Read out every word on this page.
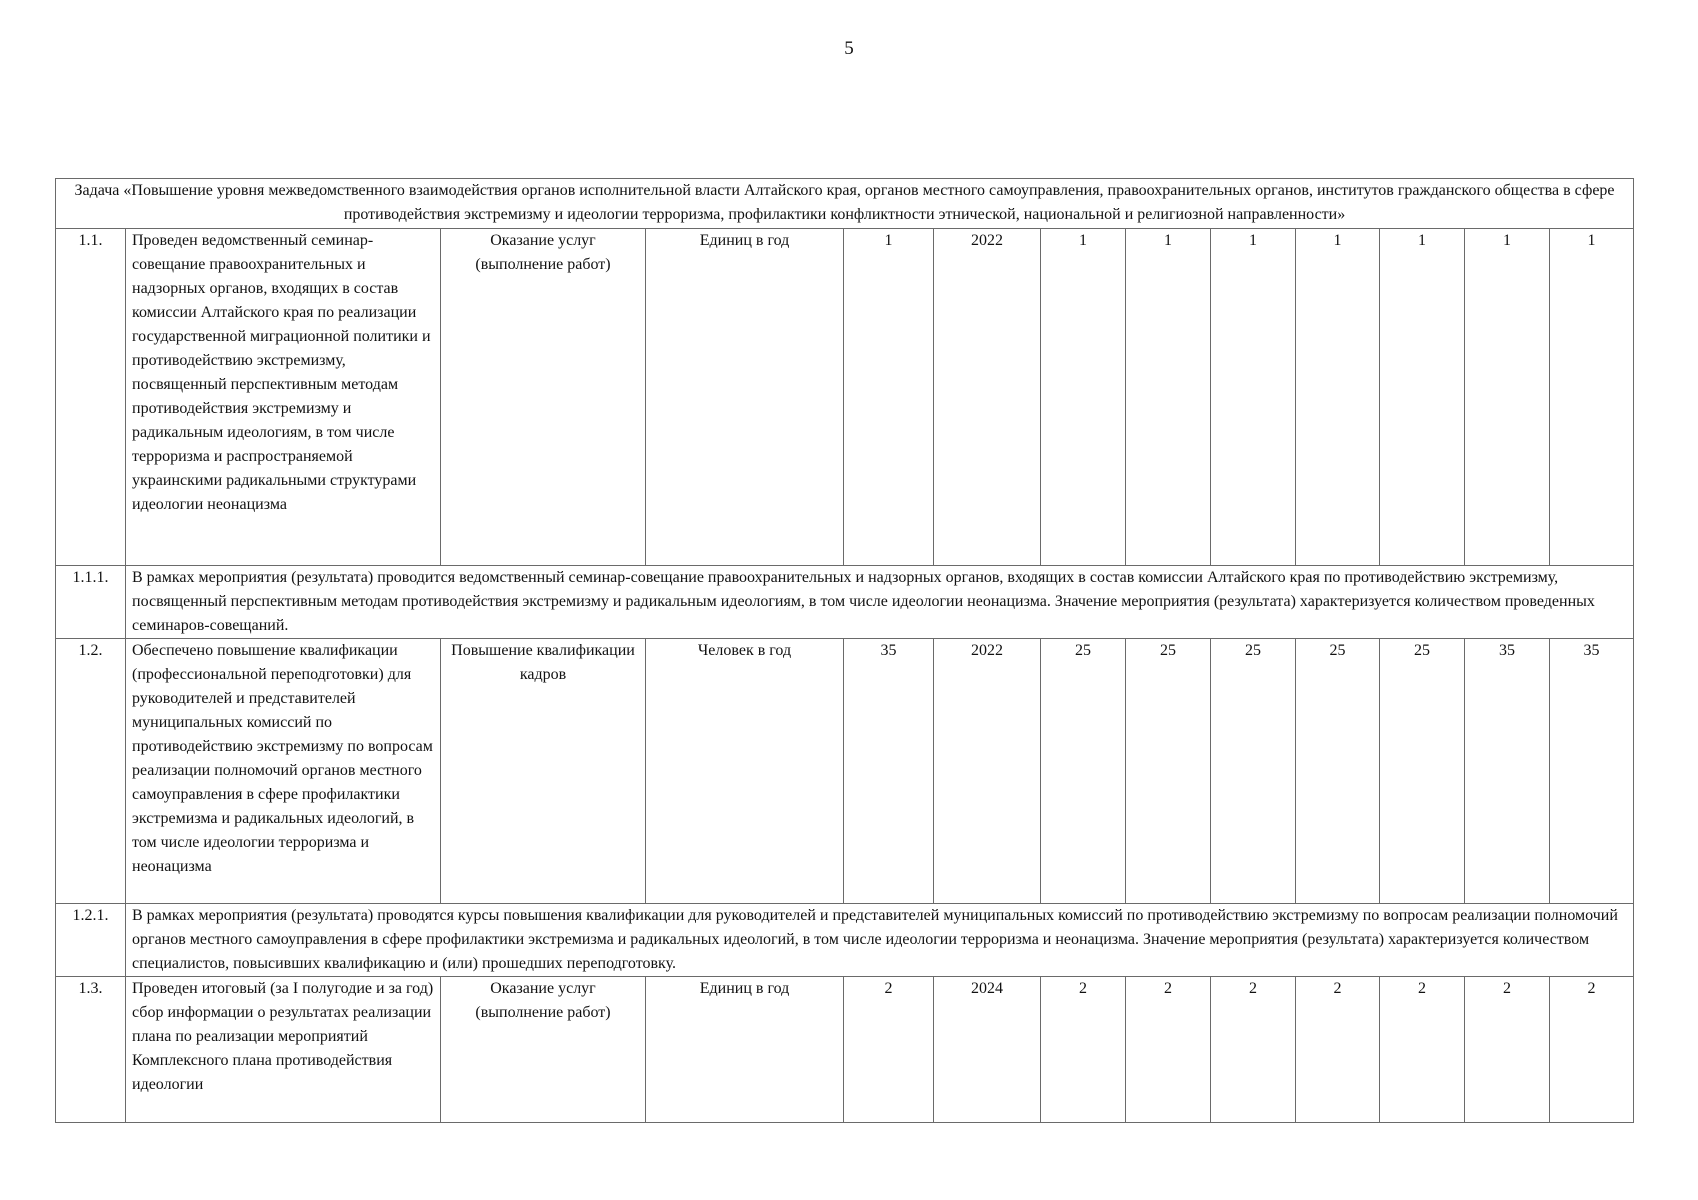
5
Задача «Повышение уровня межведомственного взаимодействия органов исполнительной власти Алтайского края, органов местного самоуправления, правоохранительных органов, институтов гражданского общества в сфере противодействия экстремизму и идеологии терроризма, профилактики конфликтности этнической, национальной и религиозной направленности»												
1.1.	Проведен ведомственный семинар-совещание правоохранительных и надзорных органов, входящих в состав комиссии Алтайского края по реализации государственной миграционной политики и противодействию экстремизму, посвященный перспективным методам противодействия экстремизму и радикальным идеологиям, в том числе терроризма и распространяемой украинскими радикальными структурами идеологии неонацизма	Оказание услуг (выполнение работ)	Единиц в год	1	2022	1	1	1	1	1	1	1
1.1.1.	В рамках мероприятия (результата) проводится ведомственный семинар-совещание правоохранительных и надзорных органов, входящих в состав комиссии Алтайского края по противодействию экстремизму, посвященный перспективным методам противодействия экстремизму и радикальным идеологиям, в том числе идеологии неонацизма. Значение мероприятия (результата) характеризуется количеством проведенных семинаров-совещаний.											
1.2.	Обеспечено повышение квалификации (профессиональной переподготовки) для руководителей и представителей муниципальных комиссий по противодействию экстремизму по вопросам реализации полномочий органов местного самоуправления в сфере профилактики экстремизма и радикальных идеологий, в том числе идеологии терроризма и неонацизма	Повышение квалификации кадров	Человек в год	35	2022	25	25	25	25	25	35	35
1.2.1.	В рамках мероприятия (результата) проводятся курсы повышения квалификации для руководителей и представителей муниципальных комиссий по противодействию экстремизму по вопросам реализации полномочий органов местного самоуправления в сфере профилактики экстремизма и радикальных идеологий, в том числе идеологии терроризма и неонацизма. Значение мероприятия (результата) характеризуется количеством специалистов, повысивших квалификацию и (или) прошедших переподготовку.											
1.3.	Проведен итоговый (за I полугодие и за год) сбор информации о результатах реализации плана по реализации мероприятий Комплексного плана противодействия идеологии	Оказание услуг (выполнение работ)	Единиц в год	2	2024	2	2	2	2	2	2	2
